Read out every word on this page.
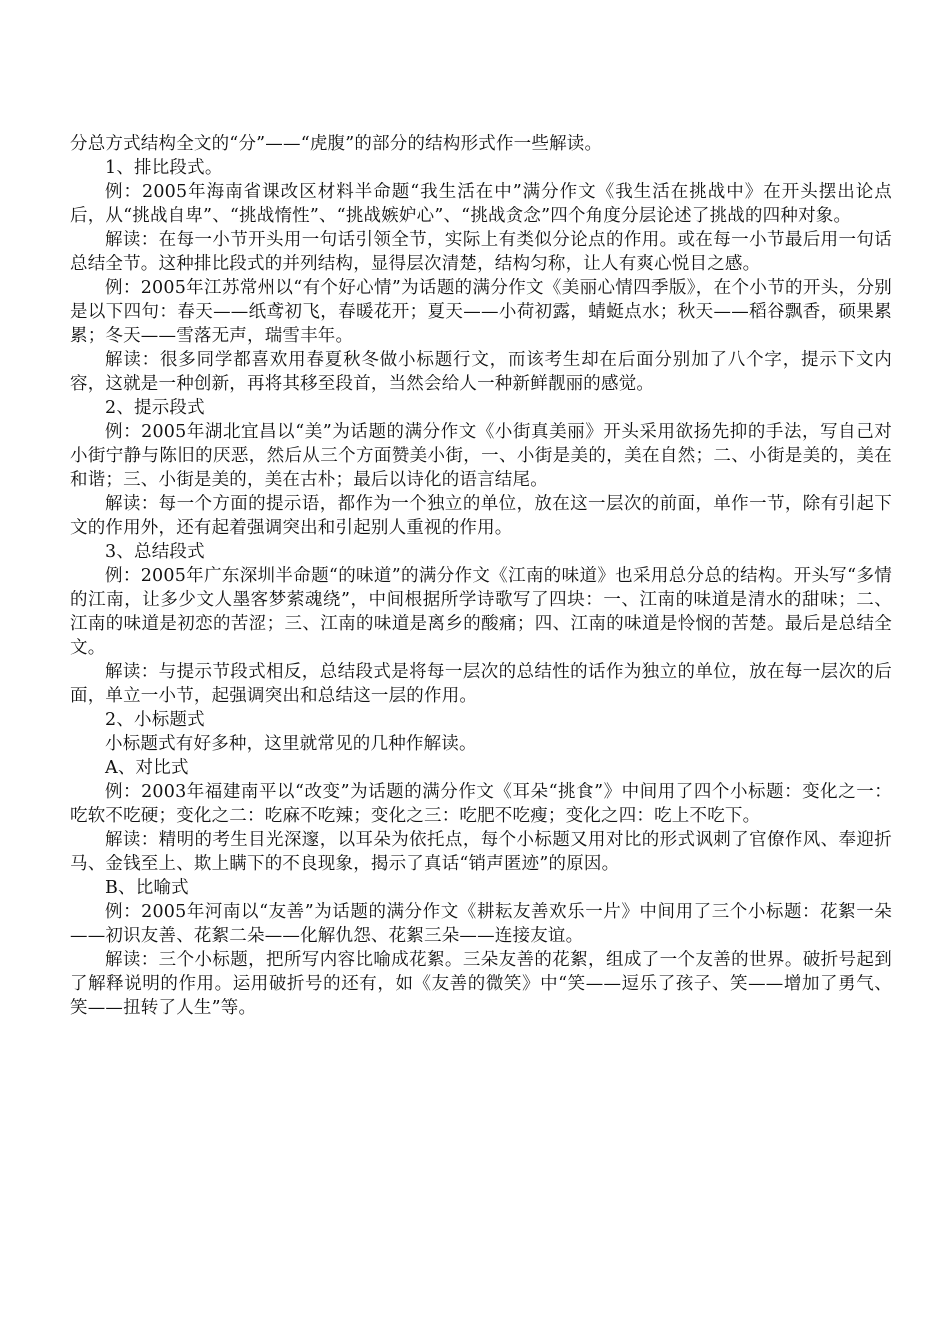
分总方式结构全文的“分”——“虎腹”的部分的结构形式作一些解读。

1、排比段式。

例：2005年海南省课改区材料半命题“我生活在中”满分作文《我生活在挑战中》在开头摆出论点后，从“挑战自卑”、“挑战惰性”、“挑战嫉妒心”、“挑战贪念”四个角度分层论述了挑战的四种对象。

解读：在每一小节开头用一句话引领全节，实际上有类似分论点的作用。或在每一小节最后用一句话总结全节。这种排比段式的并列结构，显得层次清楚，结构匀称，让人有爽心悦目之感。

例：2005年江苏常州以“有个好心情”为话题的满分作文《美丽心情四季版》，在个小节的开头，分别是以下四句：春天——纸鸢初飞，春暖花开；夏天——小荷初露，蜻蜓点水；秋天——稻谷飘香，硕果累累；冬天——雪落无声，瑞雪丰年。

解读：很多同学都喜欢用春夏秋冬做小标题行文，而该考生却在后面分别加了八个字，提示下文内容，这就是一种创新，再将其移至段首，当然会给人一种新鲜靓丽的感觉。

2、提示段式

例：2005年湖北宜昌以“美”为话题的满分作文《小街真美丽》开头采用欲扬先抑的手法，写自己对小街宁静与陈旧的厌恶，然后从三个方面赞美小街，一、小街是美的，美在自然；二、小街是美的，美在和谐；三、小街是美的，美在古朴；最后以诗化的语言结尾。

解读：每一个方面的提示语，都作为一个独立的单位，放在这一层次的前面，单作一节，除有引起下文的作用外，还有起着强调突出和引起别人重视的作用。

3、总结段式

例：2005年广东深圳半命题“的味道”的满分作文《江南的味道》也采用总分总的结构。开头写“多情的江南，让多少文人墨客梦萦魂绕”，中间根据所学诗歌写了四块：一、江南的味道是清水的甜味；二、江南的味道是初恋的苦涩；三、江南的味道是离乡的酸痛；四、江南的味道是怜悯的苦楚。最后是总结全文。

解读：与提示节段式相反，总结段式是将每一层次的总结性的话作为独立的单位，放在每一层次的后面，单立一小节，起强调突出和总结这一层的作用。

2、小标题式

小标题式有好多种，这里就常见的几种作解读。

A、对比式

例：2003年福建南平以“改变”为话题的满分作文《耳朵“挑食”》中间用了四个小标题：变化之一：吃软不吃硬；变化之二：吃麻不吃辣；变化之三：吃肥不吃瘦；变化之四：吃上不吃下。

解读：精明的考生目光深邃，以耳朵为依托点，每个小标题又用对比的形式讽刺了官僚作风、奉迎折马、金钱至上、欺上瞒下的不良现象，揭示了真话“销声匿迹”的原因。

B、比喻式

例：2005年河南以“友善”为话题的满分作文《耕耘友善欢乐一片》中间用了三个小标题：花絮一朵——初识友善、花絮二朵——化解仇怨、花絮三朵——连接友谊。

解读：三个小标题，把所写内容比喻成花絮。三朵友善的花絮，组成了一个友善的世界。破折号起到了解释说明的作用。运用破折号的还有，如《友善的微笑》中“笑——逗乐了孩子、笑——增加了勇气、笑——扭转了人生”等。
